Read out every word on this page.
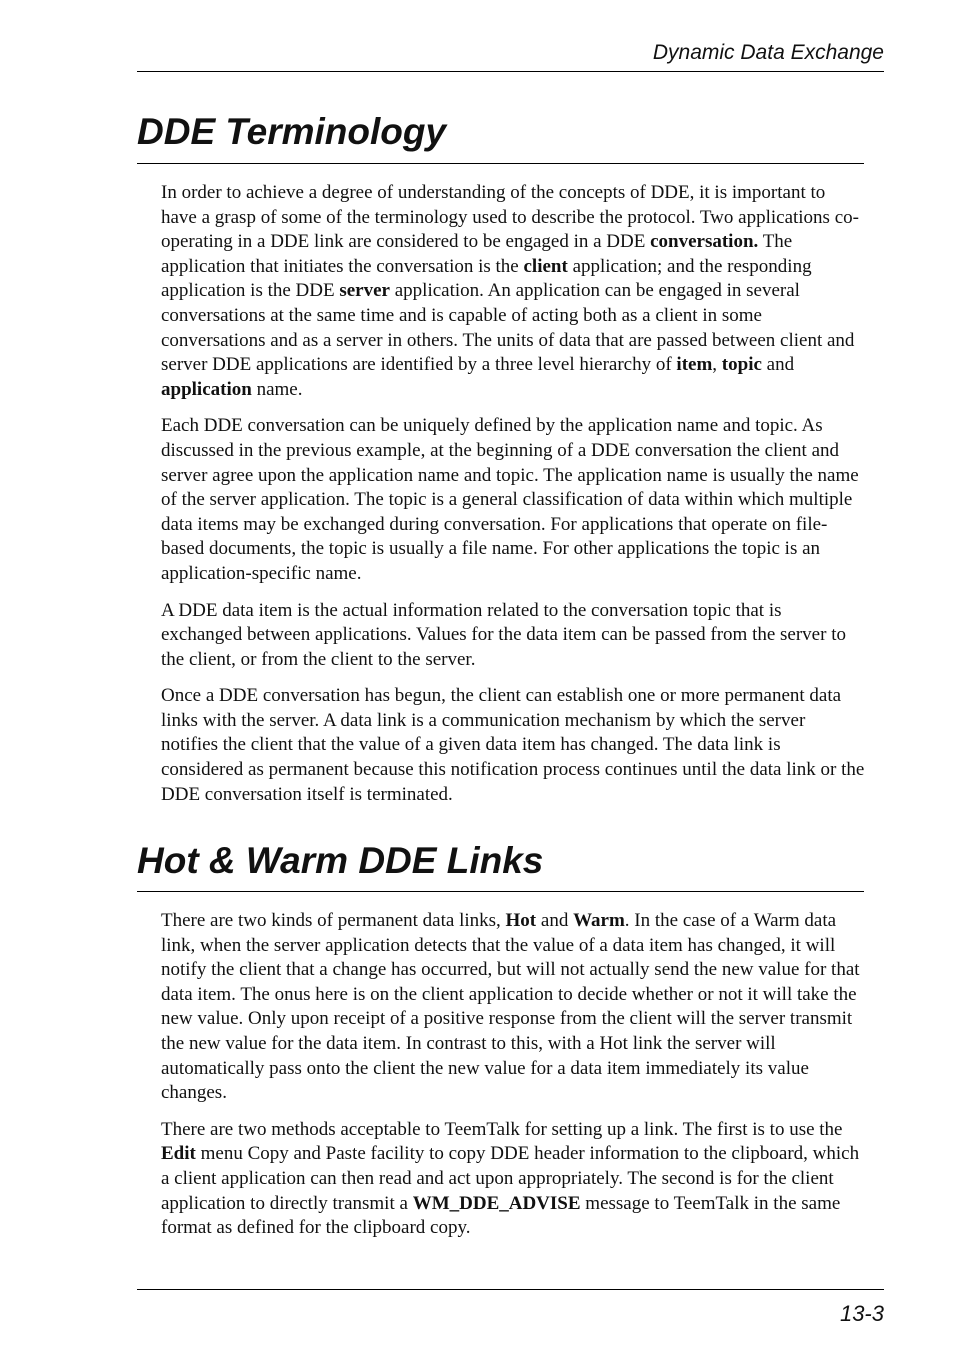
Dynamic Data Exchange
DDE Terminology

In order to achieve a degree of understanding of the concepts of DDE, it is important to have a grasp of some of the terminology used to describe the protocol. Two applications co-operating in a DDE link are considered to be engaged in a DDE conversation. The application that initiates the conversation is the client application; and the responding application is the DDE server application. An application can be engaged in several conversations at the same time and is capable of acting both as a client in some conversations and as a server in others. The units of data that are passed between client and server DDE applications are identified by a three level hierarchy of item, topic and application name.

Each DDE conversation can be uniquely defined by the application name and topic. As discussed in the previous example, at the beginning of a DDE conversation the client and server agree upon the application name and topic. The application name is usually the name of the server application. The topic is a general classification of data within which multiple data items may be exchanged during conversation. For applications that operate on file-based documents, the topic is usually a file name. For other applications the topic is an application-specific name.

A DDE data item is the actual information related to the conversation topic that is exchanged between applications. Values for the data item can be passed from the server to the client, or from the client to the server.

Once a DDE conversation has begun, the client can establish one or more permanent data links with the server. A data link is a communication mechanism by which the server notifies the client that the value of a given data item has changed. The data link is considered as permanent because this notification process continues until the data link or the DDE conversation itself is terminated.

Hot & Warm DDE Links

There are two kinds of permanent data links, Hot and Warm. In the case of a Warm data link, when the server application detects that the value of a data item has changed, it will notify the client that a change has occurred, but will not actually send the new value for that data item. The onus here is on the client application to decide whether or not it will take the new value. Only upon receipt of a positive response from the client will the server transmit the new value for the data item. In contrast to this, with a Hot link the server will automatically pass onto the client the new value for a data item immediately its value changes.

There are two methods acceptable to TeemTalk for setting up a link. The first is to use the Edit menu Copy and Paste facility to copy DDE header information to the clipboard, which a client application can then read and act upon appropriately. The second is for the client application to directly transmit a WM_DDE_ADVISE message to TeemTalk in the same format as defined for the clipboard copy.

13-3
